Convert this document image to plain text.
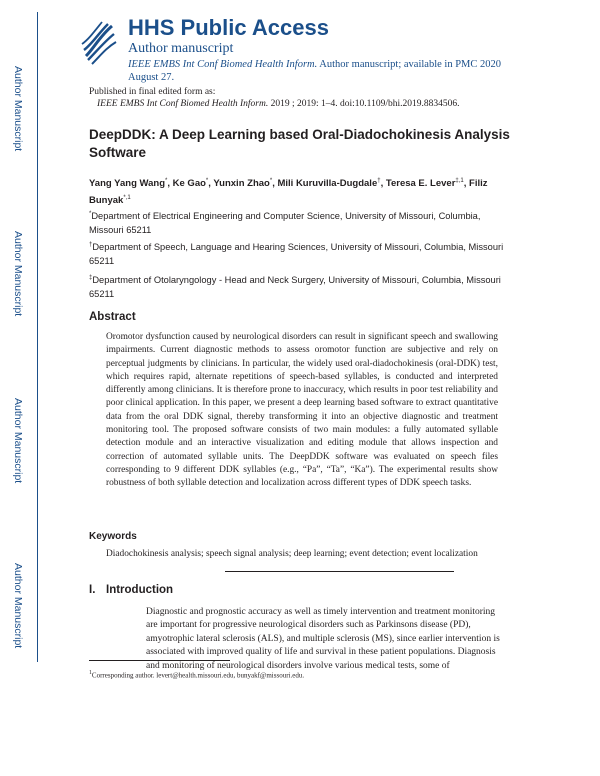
Author Manuscript
Author Manuscript
Author Manuscript
Author Manuscript
HHS Public Access
Author manuscript
IEEE EMBS Int Conf Biomed Health Inform. Author manuscript; available in PMC 2020 August 27.
Published in final edited form as:
IEEE EMBS Int Conf Biomed Health Inform. 2019 ; 2019: 1–4. doi:10.1109/bhi.2019.8834506.
DeepDDK: A Deep Learning based Oral-Diadochokinesis Analysis Software
Yang Yang Wang*, Ke Gao*, Yunxin Zhao*, Mili Kuruvilla-Dugdale†, Teresa E. Lever$^{\ddagger,1}$, Filiz Bunyak$^{*,1}$
*Department of Electrical Engineering and Computer Science, University of Missouri, Columbia, Missouri 65211
†Department of Speech, Language and Hearing Sciences, University of Missouri, Columbia, Missouri 65211
‡Department of Otolaryngology - Head and Neck Surgery, University of Missouri, Columbia, Missouri 65211
Abstract
Oromotor dysfunction caused by neurological disorders can result in significant speech and swallowing impairments. Current diagnostic methods to assess oromotor function are subjective and rely on perceptual judgments by clinicians. In particular, the widely used oral-diadochokinesis (oral-DDK) test, which requires rapid, alternate repetitions of speech-based syllables, is conducted and interpreted differently among clinicians. It is therefore prone to inaccuracy, which results in poor test reliability and poor clinical application. In this paper, we present a deep learning based software to extract quantitative data from the oral DDK signal, thereby transforming it into an objective diagnostic and treatment monitoring tool. The proposed software consists of two main modules: a fully automated syllable detection module and an interactive visualization and editing module that allows inspection and correction of automated syllable units. The DeepDDK software was evaluated on speech files corresponding to 9 different DDK syllables (e.g., “Pa”, “Ta”, “Ka”). The experimental results show robustness of both syllable detection and localization across different types of DDK speech tasks.
Keywords
Diadochokinesis analysis; speech signal analysis; deep learning; event detection; event localization
I. Introduction
Diagnostic and prognostic accuracy as well as timely intervention and treatment monitoring are important for progressive neurological disorders such as Parkinsons disease (PD), amyotrophic lateral sclerosis (ALS), and multiple sclerosis (MS), since earlier intervention is associated with improved quality of life and survival in these patient populations. Diagnosis and monitoring of neurological disorders involve various medical tests, some of
$^1$Corresponding author. levert@health.missouri.edu, bunyakf@missouri.edu.
